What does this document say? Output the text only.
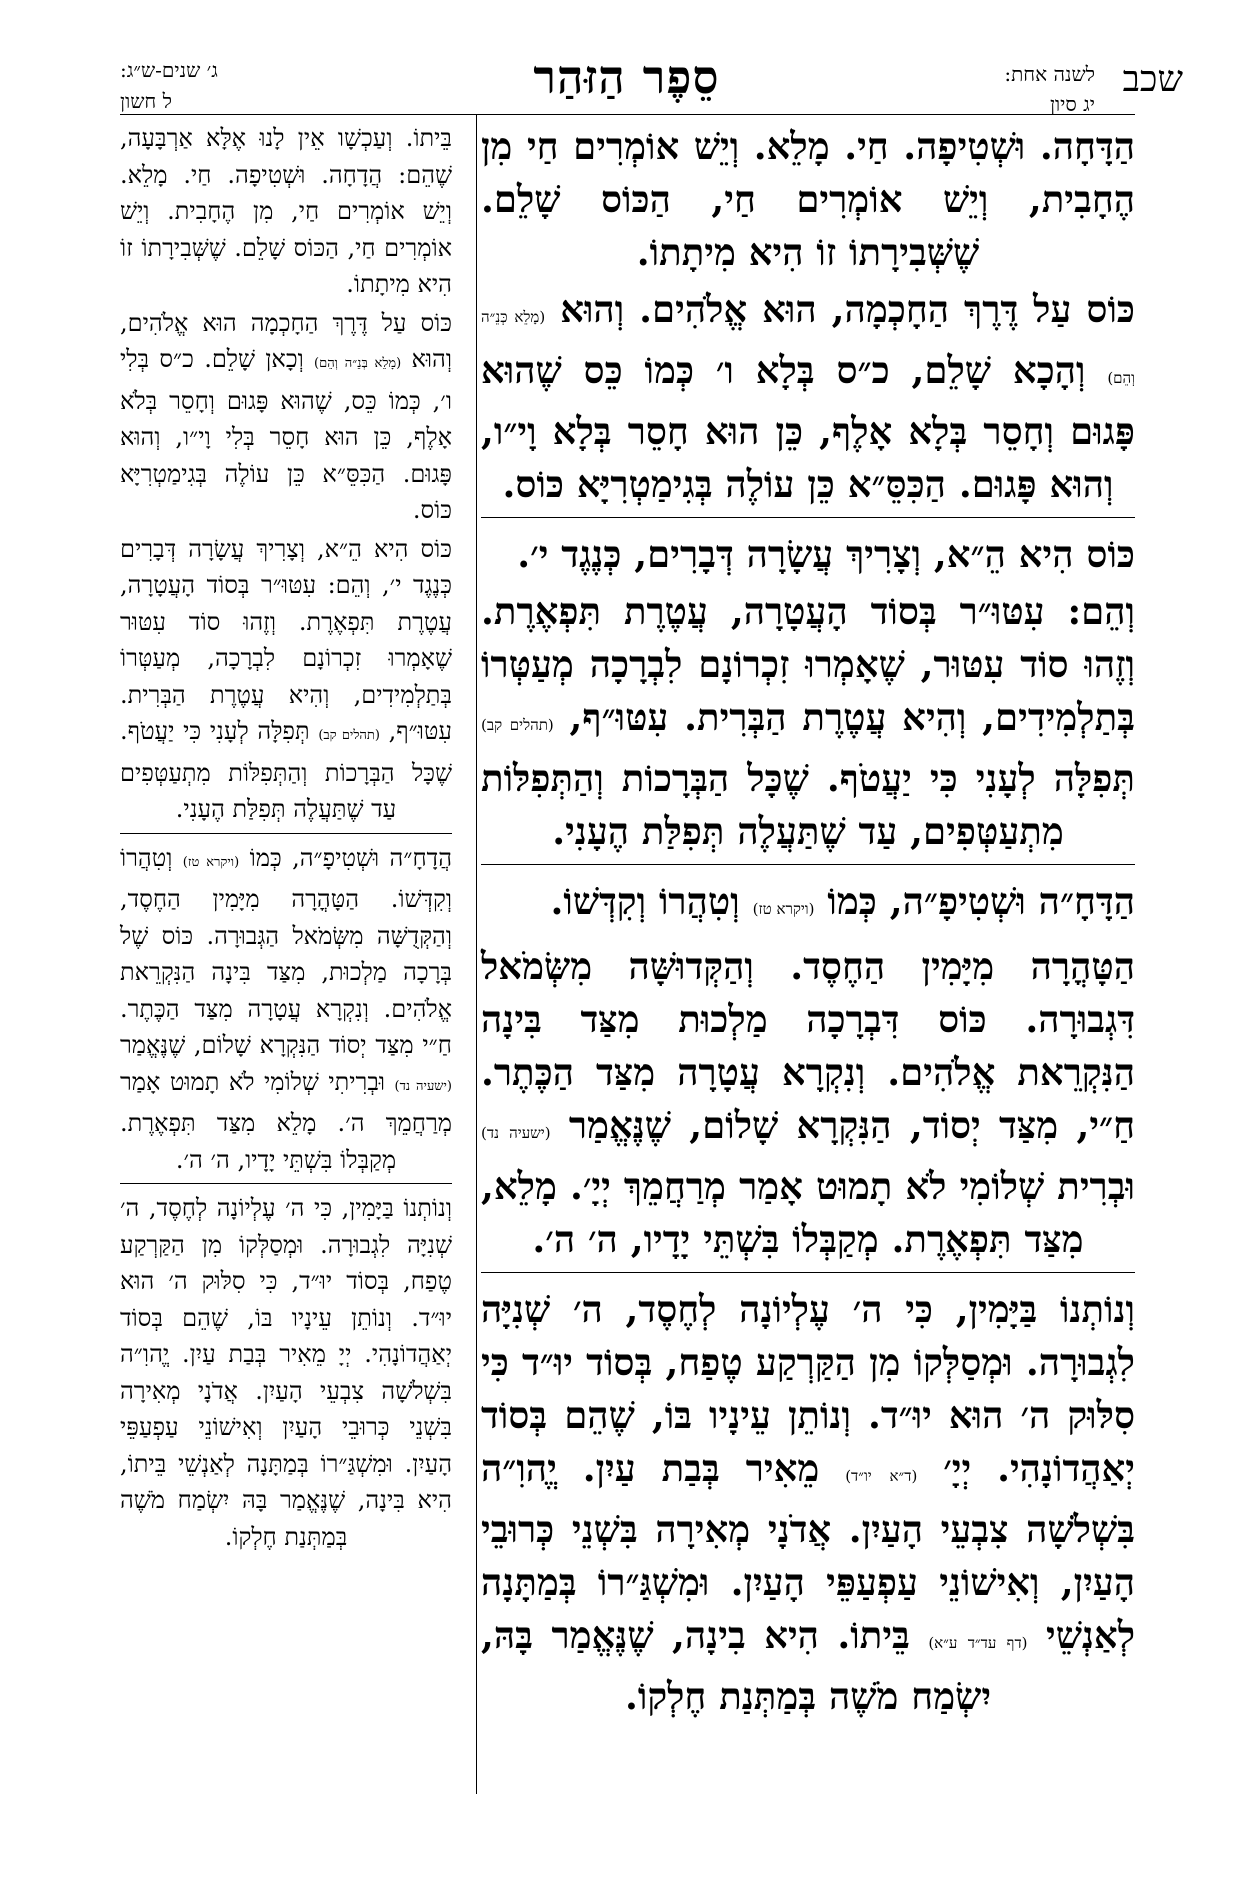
שכב
לשנה אחת:
יג סיון
סֵפֶר הַזּהַר
ג׳ שנים-ש״ג:
ל חשון

הַדָּחָה. וּשְׁטִיפָה. חַי. מָלֵא. וְיֵשׁ אוֹמְרִים חַי מִן הֶחָבִית, וְיֵשׁ אוֹמְרִים חַי, הַכּוֹס שָׁלֵם. שֶׁשְּׁבִירָתוֹ זוֹ הִיא מִיתָתוֹ.

כּוֹס עַל דֶּרֶךְ הַחָכְמָה, הוּא אֱלֹהִים. וְהוּא (מָלֵא כְּנֵ״ה וְהֵם) וְהָכָא שָׁלֵם, כ״ס בְּלָא ו׳ כְּמוֹ כֵּס שֶׁהוּא פָּגוּם וְחָסֵר בְּלָא אָלֶף, כֵּן הוּא חָסֵר בְּלָא וָי״ו, וְהוּא פָּגוּם. הַכִּסֵּ״א כֵּן עוֹלֶה בְּגִימַטְרִיָּא כּוֹס.

כּוֹס הִיא הֵ״א, וְצָרִיךְ עֲשָׂרָה דְּבָרִים, כְּנֶגֶד י׳.

וְהֵם: עִטּוּ״ר בְּסוֹד הָעֲטָרָה, עֲטֶרֶת תִּפְאֶרֶת. וְזֶהוּ סוֹד עִטּוּר, שֶׁאָמְרוּ זִכְרוֹנָם לִבְרָכָה מְעַטְּרוֹ בְּתַלְמִידִים, וְהִיא עֲטֶרֶת הַבְּרִית. עִטּוּ״ף, (תהלים קב) תְּפִלָּה לְעָנִי כִּי יַעֲטֹף. שֶׁכָּל הַבְּרָכוֹת וְהַתְּפִלּוֹת מִתְעַטְּפִים, עַד שֶׁתַּעֲלֶה תְּפִלַּת הֶעָנִי.

הַדָּחָ״ה וּשְׁטִיפָ״ה, כְּמוֹ (ויקרא טז) וְטִהֲרוֹ וְקִדְּשׁוֹ.

הַטָּהֳרָה מִיָּמִין הַחֶסֶד. וְהַקְּדוּשָּׁה מִשְּׂמֹאל דִּגְבוּרָה. כּוֹס דִּבְרָכָה מַלְכוּת מִצַּד בִּינָה הַנִּקְרֵאת אֱלֹהִים. וְנִקְרָא עֲטָרָה מִצַּד הַכֶּתֶר. חַ״י, מִצַּד יְסוֹד, הַנִּקְרָא שָׁלוֹם, שֶׁנֶּאֱמַר (ישעיה נד) וּבְרִית שְׁלוֹמִי לֹא תָמוּט אָמַר מְרַחֲמֵךְ יְיָ׳. מָלֵא, מִצַּד תִּפְאֶרֶת. מְקַבְּלוֹ בִּשְׁתֵּי יָדָיו, ה׳ ה׳.

וְנוֹתְנוֹ בַּיָּמִין, כִּי ה׳ עֶלְיוֹנָה לְחֶסֶד, ה׳ שְׁנִיָּה לִגְבוּרָה. וּמְסַלְּקוֹ מִן הַקַּרְקַע טֶפַח, בְּסוֹד יוּ״ד כִּי סִלּוּק ה׳ הוּא יוּ״ד. וְנוֹתֵן עֵינָיו בּוֹ, שֶׁהֵם בְּסוֹד יְאַהֲדוֹנָהִי. יְיָ׳ (ד״א יו״ד) מֵאִיר בְּבַת עַיִן. יֱהוִ״ה בִּשְׁלֹשָׁה צִבְעֵי הָעַיִן. אֲדֹנָי מְאִירָה בִּשְׁנֵי כְּרוּבֵי הָעַיִן, וְאִישׁוֹנֵי עַפְעַפֵּי הָעַיִן. וּמִשְׁגַּ״רוֹ בְּמַתָּנָה לְאַנְשֵׁי (דף עד״ד ע״א) בֵּיתוֹ. הִיא בִינָה, שֶׁנֶּאֱמַר בָּהּ, יִשְׂמַח מֹשֶׁה בְּמַתְּנַת חֶלְקוֹ.

בֵּיתוֹ. וְעַכְשָׁו אֵין לָנוּ אֶלָּא אַרְבָּעָה, שֶׁהֵם: הֲדָחָה. וּשְׁטִיפָה. חַי. מָלֵא. וְיֵשׁ אוֹמְרִים חַי, מִן הֶחָבִית. וְיֵשׁ אוֹמְרִים חַי, הַכּוֹס שָׁלֵם. שֶׁשְּׁבִירָתוֹ זוֹ הִיא מִיתָתוֹ.

כּוֹס עַל דֶּרֶךְ הַחָכְמָה הוּא אֱלֹהִים, וְהוּא (מָלֵא בְּנֵ״ה וְהֵם) וְכָאן שָׁלֵם. כ״ס בְּלִי ו׳, כְּמוֹ כֵּס, שֶׁהוּא פָּגוּם וְחָסֵר בְּלֹא אָלֶף, כֵּן הוּא חָסֵר בְּלִי וָי״ו, וְהוּא פָּגוּם. הַכִּסֵּ״א כֵּן עוֹלֶה בְּגִימַטְרִיָּא כּוֹס.

כּוֹס הִיא הֵ״א, וְצָרִיךְ עֲשָׂרָה דְּבָרִים כְּנֶגֶד י׳, וְהֵם: עִטּוּ״ר בְּסוֹד הָעֲטָרָה, עֲטֶרֶת תִּפְאֶרֶת. וְזֶהוּ סוֹד עִטּוּר שֶׁאָמְרוּ זִכְרוֹנָם לִבְרָכָה, מְעַטְּרוֹ בְּתַלְמִידִים, וְהִיא עֲטֶרֶת הַבְּרִית. עִטּוּ״ף, (תהלים קב) תְּפִלָּה לְעָנִי כִּי יַעֲטֹף. שֶׁכָּל הַבְּרָכוֹת וְהַתְּפִלּוֹת מִתְעַטְּפִים עַד שֶׁתַּעֲלֶה תְּפִלַּת הֶעָנִי.

הֲדָחָ״ה וּשְׁטִיפָ״ה, כְּמוֹ (ויקרא טז) וְטִהֲרוֹ וְקִדְּשׁוֹ. הַטָּהֳרָה מִיָּמִין הַחֶסֶד, וְהַקְּדֻשָּׁה מִשְּׂמֹאל הַגְּבוּרָה. כּוֹס שֶׁל בְּרָכָה מַלְכוּת, מִצַּד בִּינָה הַנִּקְרֵאת אֱלֹהִים. וְנִקְרָא עֲטָרָה מִצַּד הַכֶּתֶר. חַ״י מִצַּד יְסוֹד הַנִּקְרָא שָׁלוֹם, שֶׁנֶּאֱמַר (ישעיה נד) וּבְרִיתִי שְׁלוֹמִי לֹא תָמוּט אָמַר מְרַחֲמֵךְ ה׳. מָלֵא מִצַּד תִּפְאֶרֶת. מְקַבְּלוֹ בִּשְׁתֵּי יָדָיו, ה׳ ה׳.

וְנוֹתְנוֹ בַּיָּמִין, כִּי ה׳ עֶלְיוֹנָה לְחֶסֶד, ה׳ שְׁנִיָּה לִגְבוּרָה. וּמְסַלְּקוֹ מִן הַקַּרְקַע טֶפַח, בְּסוֹד יוּ״ד, כִּי סִלּוּק ה׳ הוּא יוּ״ד. וְנוֹתֵן עֵינָיו בּוֹ, שֶׁהֵם בְּסוֹד יְאַהֲדוֹנָהִי. יְיָ מֵאִיר בְּבַת עַיִן. יֱהוִ״ה בִּשְׁלֹשָׁה צִבְעֵי הָעַיִן. אֲדֹנָי מְאִירָה בִּשְׁנֵי כְּרוּבֵי הָעַיִן וְאִישׁוֹנֵי עַפְעַפֵּי הָעַיִן. וּמִשְׁגַּ״רוֹ בְּמַתָּנָה לְאַנְשֵׁי בֵּיתוֹ, הִיא בִּינָה, שֶׁנֶּאֱמַר בָּהּ יִשְׂמַח מֹשֶׁה בְּמַתְּנַת חֶלְקוֹ.
